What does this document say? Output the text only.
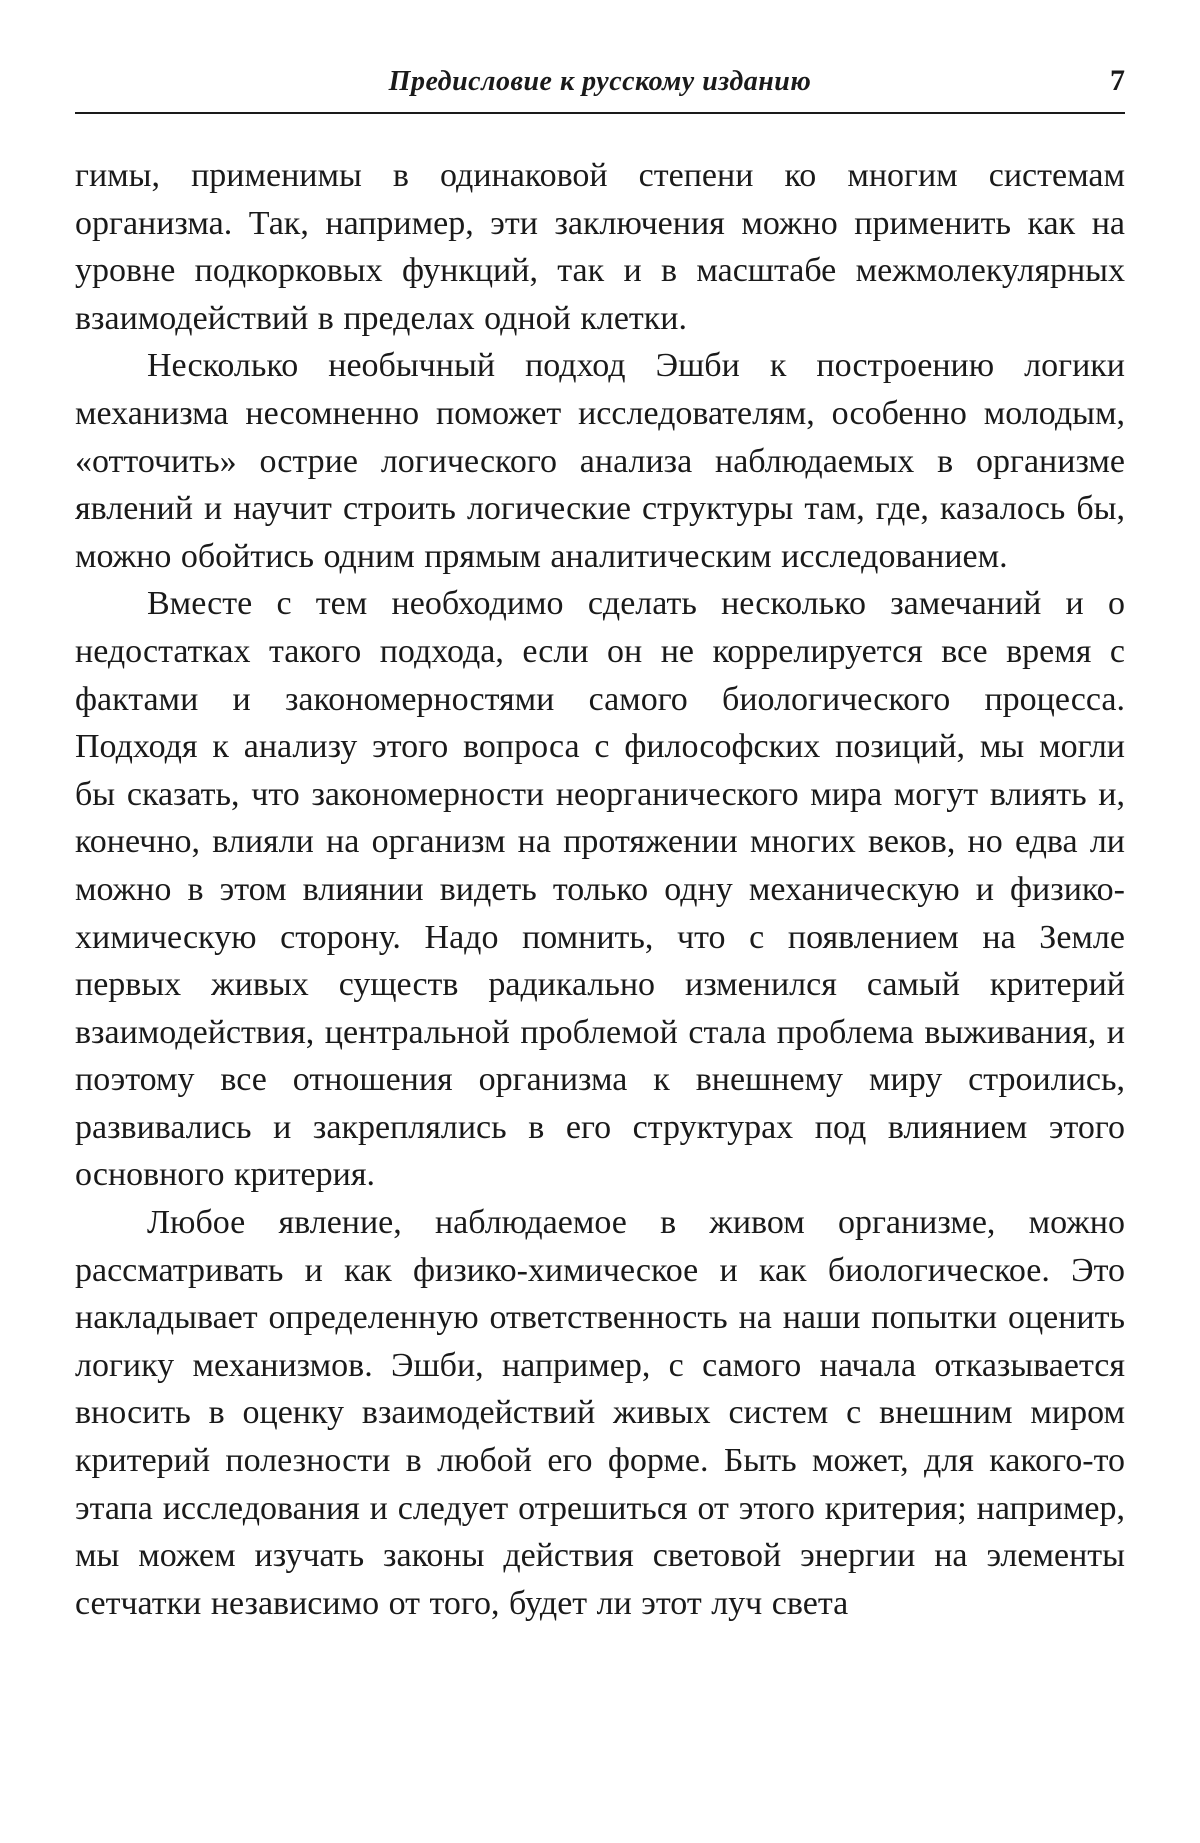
Предисловие к русскому изданию	7

гимы, применимы в одинаковой степени ко многим системам организма. Так, например, эти заключения можно применить как на уровне подкорковых функций, так и в масштабе межмолекулярных взаимодействий в пределах одной клетки.

Несколько необычный подход Эшби к построению логики механизма несомненно поможет исследователям, особенно молодым, «отточить» острие логического анализа наблюдаемых в организме явлений и научит строить логические структуры там, где, казалось бы, можно обойтись одним прямым аналитическим исследованием.

Вместе с тем необходимо сделать несколько замечаний и о недостатках такого подхода, если он не коррелируется все время с фактами и закономерностями самого биологического процесса. Подходя к анализу этого вопроса с философских позиций, мы могли бы сказать, что закономерности неорганического мира могут влиять и, конечно, влияли на организм на протяжении многих веков, но едва ли можно в этом влиянии видеть только одну механическую и физико-химическую сторону. Надо помнить, что с появлением на Земле первых живых существ радикально изменился самый критерий взаимодействия, центральной проблемой стала проблема выживания, и поэтому все отношения организма к внешнему миру строились, развивались и закреплялись в его структурах под влиянием этого основного критерия.

Любое явление, наблюдаемое в живом организме, можно рассматривать и как физико-химическое и как биологическое. Это накладывает определенную ответственность на наши попытки оценить логику механизмов. Эшби, например, с самого начала отказывается вносить в оценку взаимодействий живых систем с внешним миром критерий полезности в любой его форме. Быть может, для какого-то этапа исследования и следует отрешиться от этого критерия; например, мы можем изучать законы действия световой энергии на элементы сетчатки независимо от того, будет ли этот луч света
